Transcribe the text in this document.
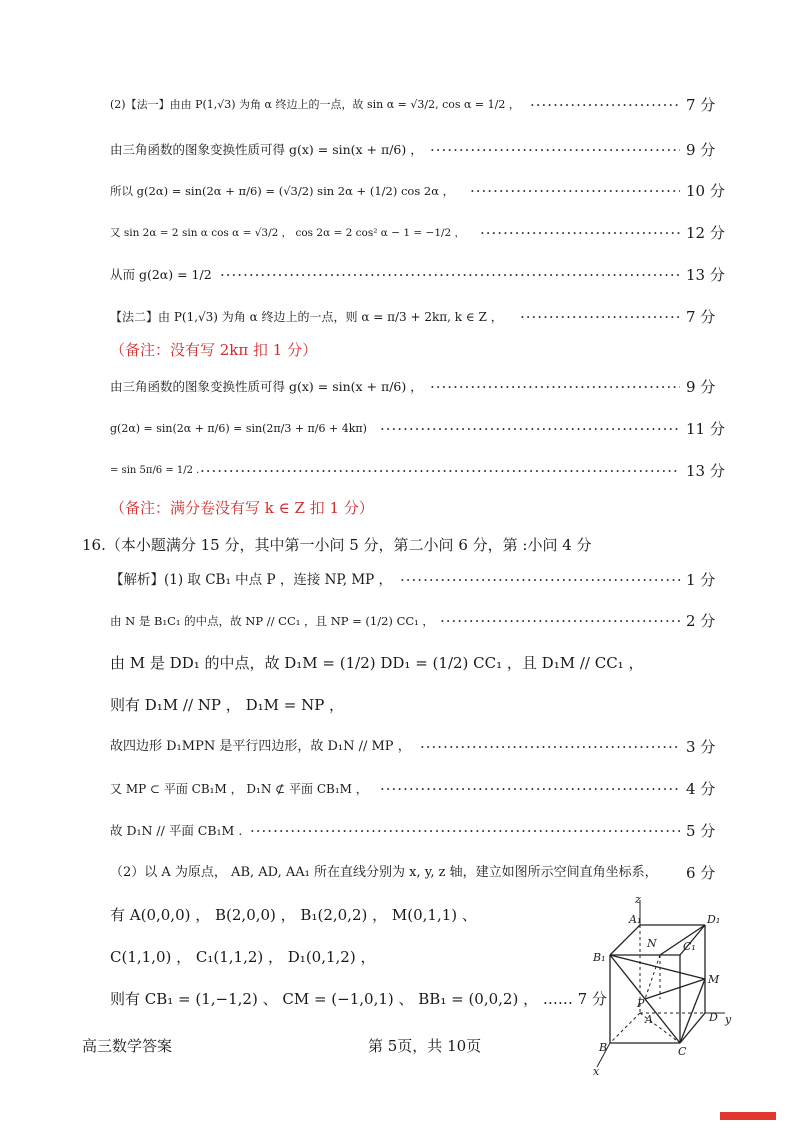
(2)【法一】由由 P(1,√3) 为角 α 终边上的一点，故 sin α = √3/2, cos α = 1/2 ， ·····	7 分
由三角函数的图象变换性质可得 g(x) = sin(x + π/6) ， ·····	9 分
所以 g(2α) = sin(2α + π/6) = (√3/2) sin 2α + (1/2) cos 2α ， ·····	10 分
又 sin 2α = 2 sin α cos α = √3/2 ， cos 2α = 2 cos² α − 1 = −1/2 ， ·····	12 分
从而 g(2α) = 1/2 ·····	13 分
【法二】由 P(1,√3) 为角 α 终边上的一点，则 α = π/3 + 2kπ, k ∈ Z ， ·····	7 分
（备注：没有写 2kπ 扣 1 分）
由三角函数的图象变换性质可得 g(x) = sin(x + π/6) ， ·····	9 分
g(2α) = sin(2α + π/6) = sin(2π/3 + π/6 + 4kπ) ·····	11 分
= sin 5π/6 = 1/2 . ·····	13 分
（备注：满分卷没有写 k ∈ Z 扣 1 分）
16.（本小题满分 15 分，其中第一小问 5 分，第二小问 6 分，第 :小问 4 分
【解析】(1) 取 CB₁ 中点 P ，连接 NP, MP ， ·····	1 分
由 N 是 B₁C₁ 的中点，故 NP // CC₁ ，且 NP = (1/2) CC₁ ， ·····	2 分
由 M 是 DD₁ 的中点，故 D₁M = (1/2) DD₁ = (1/2) CC₁ ，且 D₁M // CC₁ ，
则有 D₁M // NP ， D₁M = NP ，
故四边形 D₁MPN 是平行四边形，故 D₁N // MP ， ·····	3 分
又 MP ⊂ 平面 CB₁M ， D₁N ⊄ 平面 CB₁M ， ·····	4 分
故 D₁N // 平面 CB₁M . ·····	5 分
（2）以 A 为原点， AB, AD, AA₁ 所在直线分别为 x, y, z 轴，建立如图所示空间直角坐标系， 6 分
有 A(0,0,0) ， B(2,0,0) ， B₁(2,0,2) ， M(0,1,1) 、
C(1,1,0) ， C₁(1,1,2) ， D₁(0,1,2) ，
则有 CB₁ = (1,−1,2) 、 CM = (−1,0,1) 、 BB₁ = (0,0,2) ， …… 7 分
z
A₁	D₁
N C₁
B₁
M
P
A	D y
B	C
x
高三数学答案	第 5页，共 10页
